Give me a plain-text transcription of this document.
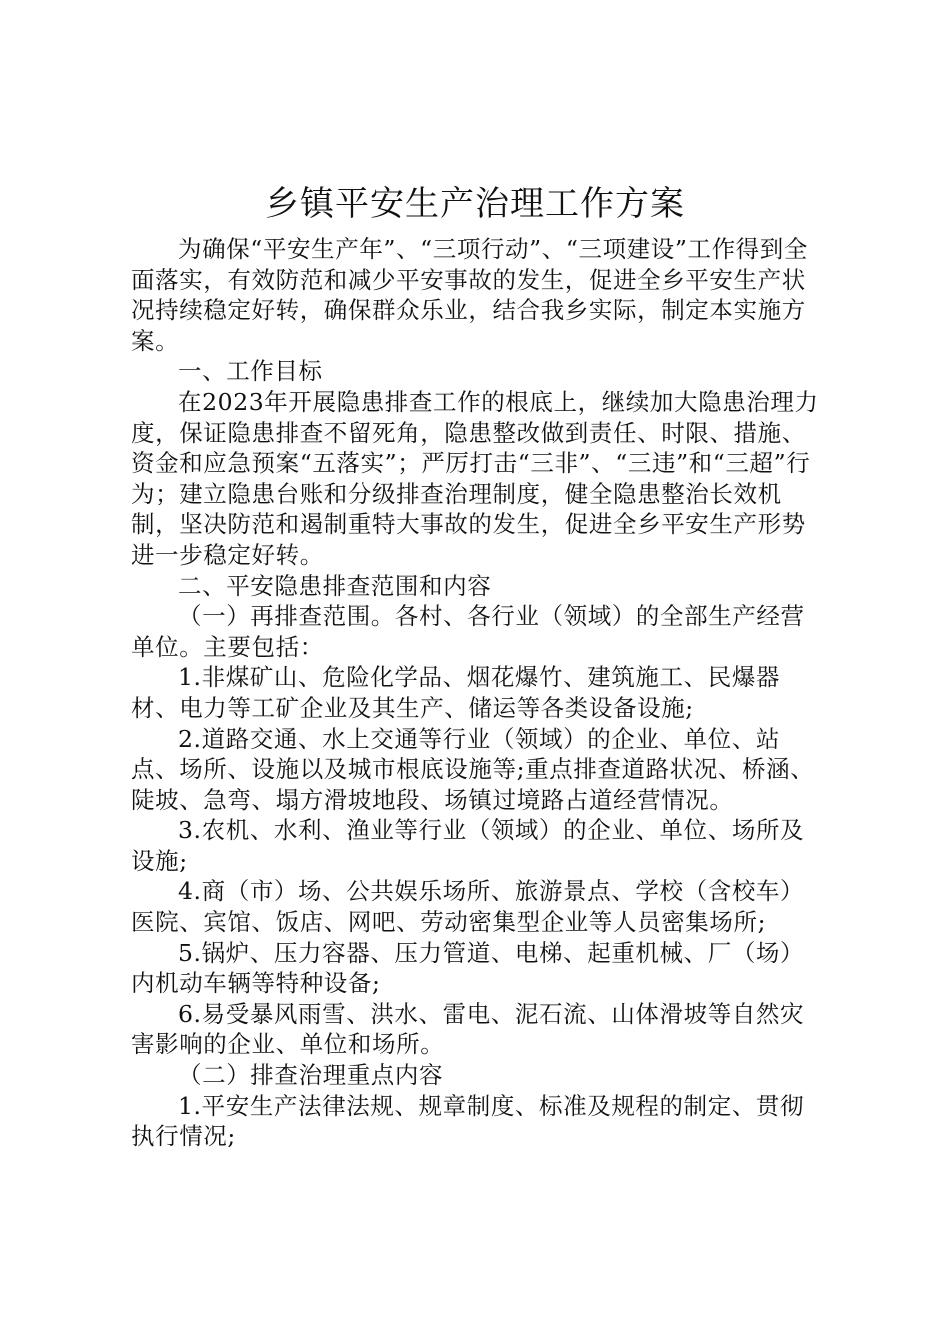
乡镇平安生产治理工作方案

为确保“平安生产年”、“三项行动”、“三项建设”工作得到全面落实，有效防范和减少平安事故的发生，促进全乡平安生产状况持续稳定好转，确保群众乐业，结合我乡实际，制定本实施方案。

一、工作目标

在2023年开展隐患排查工作的根底上，继续加大隐患治理力度，保证隐患排查不留死角，隐患整改做到责任、时限、措施、资金和应急预案“五落实”；严厉打击“三非”、“三违”和“三超”行为；建立隐患台账和分级排查治理制度，健全隐患整治长效机制，坚决防范和遏制重特大事故的发生，促进全乡平安生产形势进一步稳定好转。

二、平安隐患排查范围和内容

（一）再排查范围。各村、各行业（领域）的全部生产经营单位。主要包括：

1.非煤矿山、危险化学品、烟花爆竹、建筑施工、民爆器材、电力等工矿企业及其生产、储运等各类设备设施;

2.道路交通、水上交通等行业（领域）的企业、单位、站点、场所、设施以及城市根底设施等;重点排查道路状况、桥涵、陡坡、急弯、塌方滑坡地段、场镇过境路占道经营情况。

3.农机、水利、渔业等行业（领域）的企业、单位、场所及设施;

4.商（市）场、公共娱乐场所、旅游景点、学校（含校车）医院、宾馆、饭店、网吧、劳动密集型企业等人员密集场所;

5.锅炉、压力容器、压力管道、电梯、起重机械、厂（场）内机动车辆等特种设备;

6.易受暴风雨雪、洪水、雷电、泥石流、山体滑坡等自然灾害影响的企业、单位和场所。

（二）排查治理重点内容

1.平安生产法律法规、规章制度、标准及规程的制定、贯彻执行情况;
